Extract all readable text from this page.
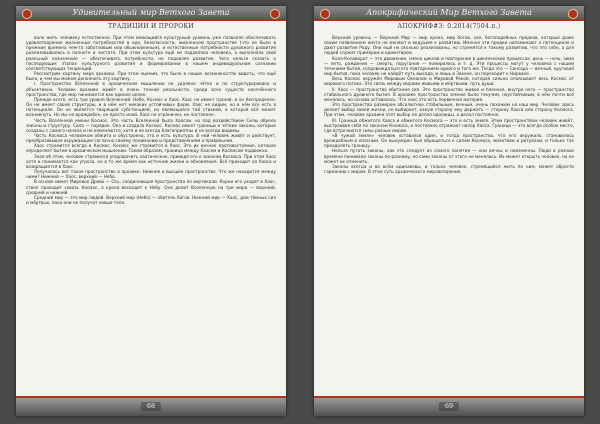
Удивительный мир Ветхого Завета
ТРАДИЦИИ И ПРОРОКИ

вало жить человеку естественно. При этом имеющийся культурный уровень уже позволял обеспечивать удовлетворение жизненных потребностей в еде, безопасности, жизненном пространстве (что не было в прежние времена чем-то заботливым или обыкновенным), и естественные потребности духовного развития реализовывались в полноте и чистоте. При этом культура ещё не подавляла человека, а выполняла свой реальный назначение — обеспечивать потребности, не подавляя развития. Чего нельзя сказать о последующих этапах культурного развития и формировании в нашем индивидуальном сознании соответствующих тенденций.

Рассмотрим картину мира архаики. При этом оценим, что было в наших возможностях видеть, что ещё было, и чем мы можем дополнить эту картину.

I. Пространство Вселенной в архаическом мышлении не удалено чётко и по структурировано и объективно. Человек архаики живёт в очень тонкой реальности, среди всех существ населённого пространства, где мир понимается как единое целое.

Прежде всего, есть три уровня Вселенной: Небо, Космос и Хаос. Хаос не имеет граней, и он беспределен. Он не имеет своей структуры, и в нём нет никаких устойчивых форм. Хаос не видим, но в нём все есть в потенциале. Он не является творящей субстанцией, но являющаяся той стихией, в которой всё может возникнуть. Но мы не враждебен, он просто иной. Хаос не ограничен, не постоянен.

Часть Вселенной имени Космос. Это часть Вселенной была Хаосом, но под воздействием Силы обрела законы и структуру. Сила — порядок. Она и создала Космос. Космос имеет границы и чёткие законы, которые созданы с самого начала и не изменяются, хотя и не всегда благоприятны и не всегда видимы.

Часть Космоса человеком обжита и обустроена, это и есть культура. В ней человек живёт и действует, преобразовывая окружающее согласно своему пониманию и представлениям о правильном.

Хаос стремится всегда в Космос, Космос же стремится в Хаос. Это их вечное противостояние, которое определяет бытие в архаическом мышлении. Таким образом, граница между Хаосом и Космосом подвижна.

Зная об этом, человек стремился упорядочить хаотическое, приведя его к законам Космоса. При этом Хаос хотя и понимается как угроза, но в то же время как источник жизни и обновления. Всё приходит из Хаоса и возвращается в Хаос.

Получалось вот такое пространство в архаике. Нижнее и высшее пространство. Что же находится между ними? Нижний — Хаос, верхний — Небо.

В основе имеет Мировое Древо — Ось, соединяющая пространства по вертикали. Корни его уходят в Хаос, ствол проходит сквозь Космос, а крона восходит к Небу. Она делит Вселенную на три мира — верхний, средний и нижний.

Средний мир — это мир людей. Верхний мир (Небо) — обитель богов. Нижний мир — Хаос, дом тёмных сил и мёртвых, пока они не получат новые тела.

68
Апокрифический Мир Ветхого Завета
АПОКРИФ#3: 0.2014(7504.п.)

Верхний уровень — Верхний Мир — мир крона, мир богов, сил, богоподобных предков, которые даже своим появлением ничто не меняют в ведущем к развитию. Именно эти предки напоминают о потенциале и дают развитие Роду. Они ещё не сколько реализованы, но стремятся к такому развитию, что это себе, а для людей служат примером и ориентиром.

Коло-Коловорот — это движение, смена циклов и повторение в циклических процессах: день — ночь, зима — лето, рождение — смерть, поругание — помирились и т. д. Эти процессы могут у человека с нашим течением бытия, сопровождаться его повторением одного и того же. Тогда это — Сансара — вечный, круговой мир бытия, пока человек не найдёт путь выхода, и лишь в Законе, он переходит к Нирване.

Весь Космос окружён Мировым Океаном и Мировой Рекой, которая сильно опоясывает весь Космос от мирового потока. Это связь между мирами живыми и мёртвыми, путь души.

II. Хаос — пространство обитания сил. Это пространство живое и пленное, внутри него — пространство стабильного древнего бытия. В архаике пространство земное было текучим, неустойчивым, в нём почти всё менялось, но основа оставалась. Что хаос это есть первичная материя.

Это пространство размером абсолютное стабильным, вечным, очень похожим на наш мир. Человек здесь делает выбор своей жизни, он выбирает, какую сторону ему держать — сторону Хаоса или сторону Космоса. При этом, человек архаики этот выбор не делал однажды, а делал постоянно.

III. Граница обжитого Хаоса и обжитого Космоса — это и есть земля. Этим пространством человек живёт, выстраивая себя по законам Космоса, и постоянно отражает напор Хаоса. Граница — это всегда особое место, где встречаются силы разных миров.

«В чужой земле» человек оставался один, и тогда пространство, что его окружало, становилось враждебным и опасным. Он вынужден был обращаться к силам Космоса, молитвам и ритуалам, и только так преодолеть границу.

Нельзя путать законы, как это следует из самого понятия — они вечны и неизменны. Люди в разные времена понимали законы по-разному, но сами законы от этого не менялись. Их может открыть человек, но не может их отменить.

Законы всегда и во всём одинаковы, и только человек, стремящийся жить по ним, может обрести гармонию с миром. В этом суть архаического мировоззрения.

69
